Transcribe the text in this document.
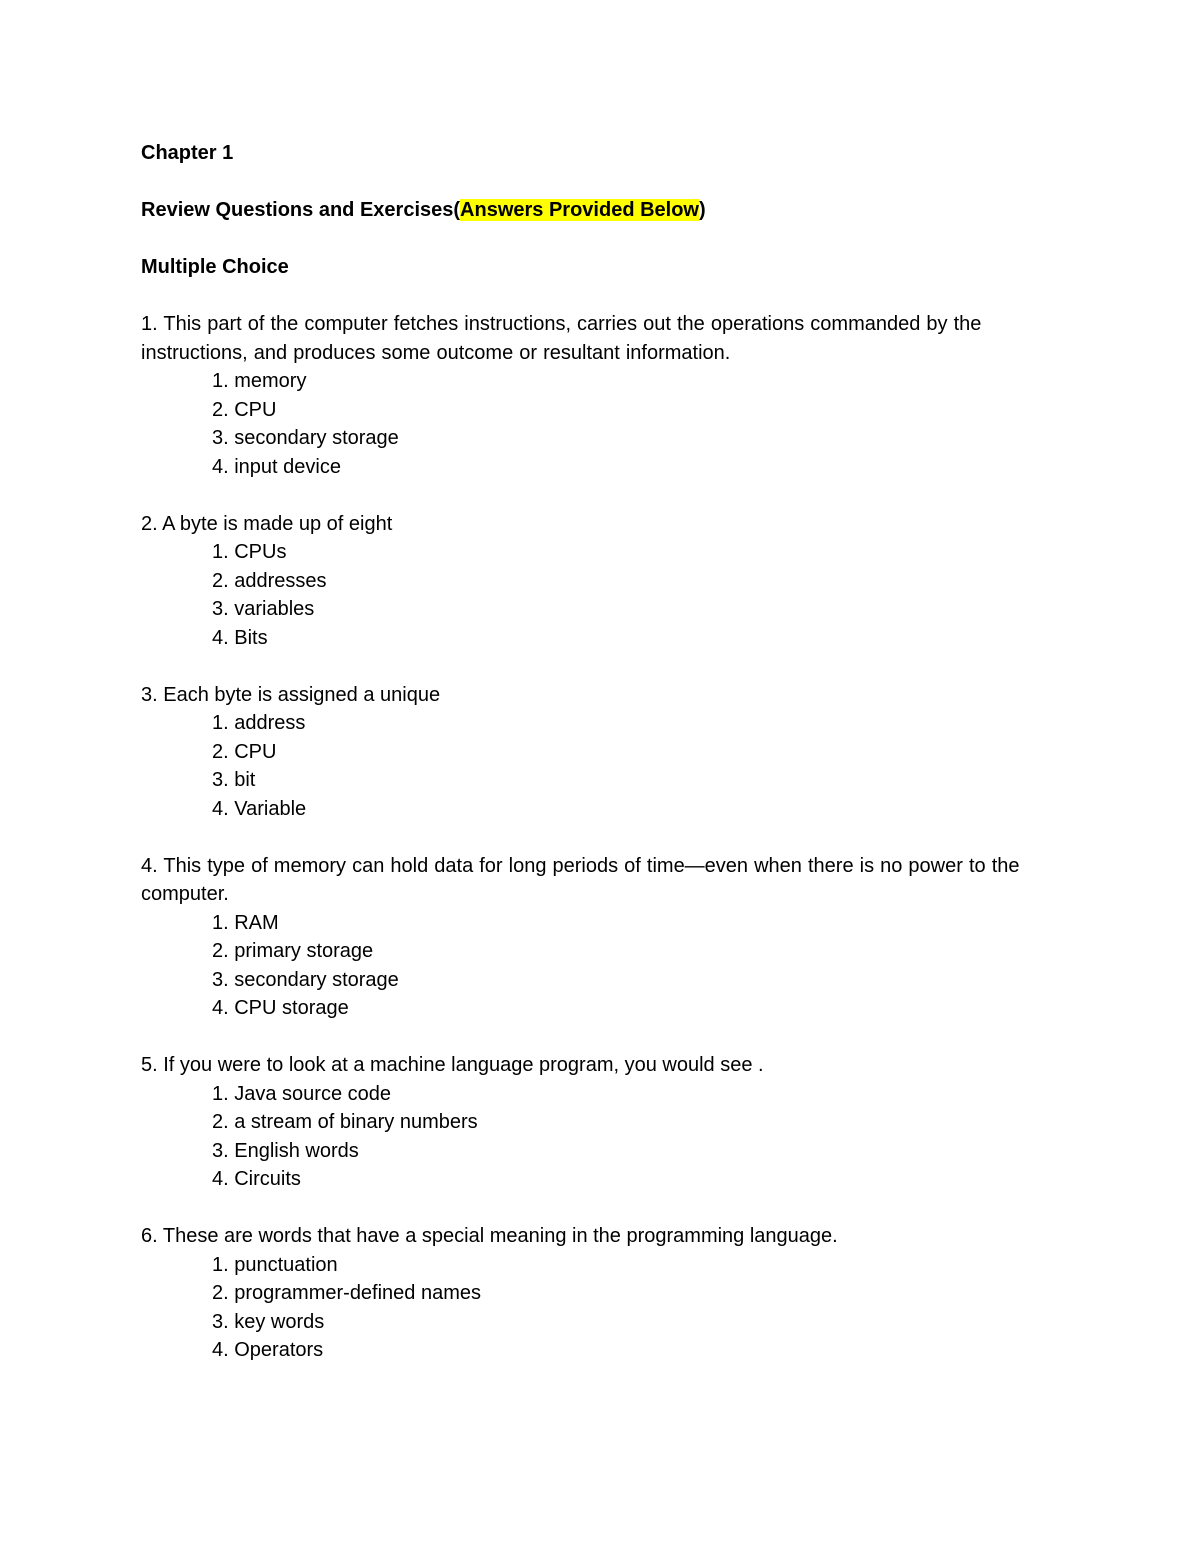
Chapter 1
Review Questions and Exercises(Answers Provided Below)
Multiple Choice
1. This part of the computer fetches instructions, carries out the operations commanded by the instructions, and produces some outcome or resultant information.
1. memory
2. CPU
3. secondary storage
4. input device
2. A byte is made up of eight
1. CPUs
2. addresses
3. variables
4. Bits
3. Each byte is assigned a unique
1. address
2. CPU
3. bit
4. Variable
4. This type of memory can hold data for long periods of time—even when there is no power to the computer.
1. RAM
2. primary storage
3. secondary storage
4. CPU storage
5. If you were to look at a machine language program, you would see .
1. Java source code
2. a stream of binary numbers
3. English words
4. Circuits
6. These are words that have a special meaning in the programming language.
1. punctuation
2. programmer-defined names
3. key words
4. Operators
